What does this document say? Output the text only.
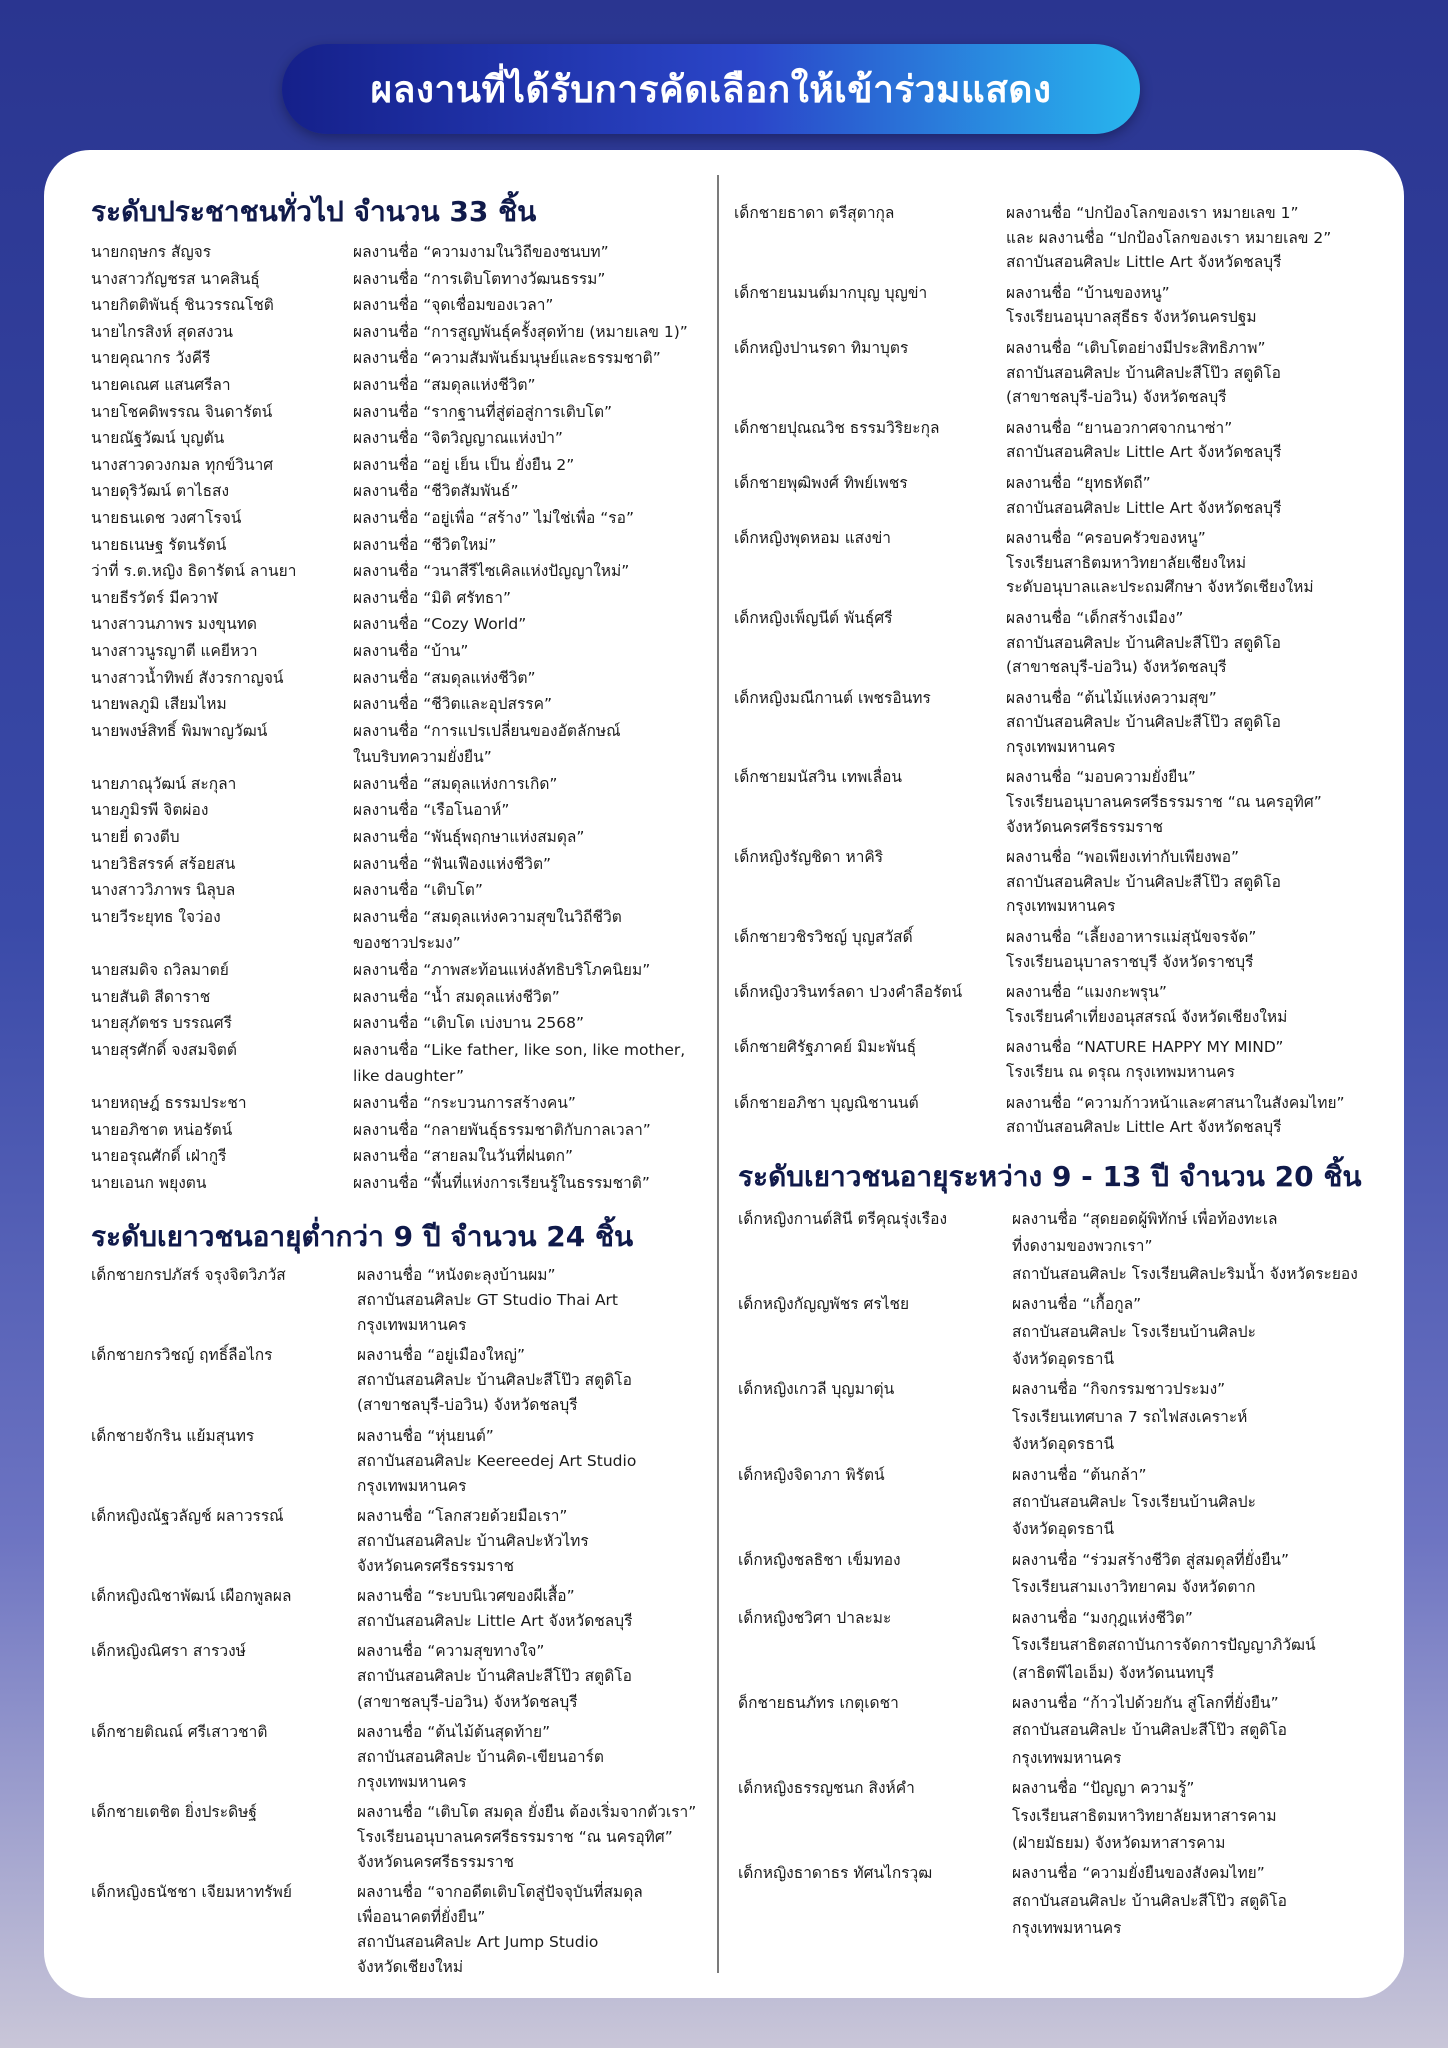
ผลงานที่ได้รับการคัดเลือกให้เข้าร่วมแสดง
ระดับประชาชนทั่วไป จำนวน 33 ชิ้น
นายกฤษกร สัญจร	ผลงานชื่อ “ความงามในวิถีของชนบท”
นางสาวกัญชรส นาคสินธุ์	ผลงานชื่อ “การเติบโตทางวัฒนธรรม”
นายกิตติพันธุ์ ชินวรรณโชติ	ผลงานชื่อ “จุดเชื่อมของเวลา”
นายไกรสิงห์ สุดสงวน	ผลงานชื่อ “การสูญพันธุ์ครั้งสุดท้าย (หมายเลข 1)”
นายคุณากร วังคีรี	ผลงานชื่อ “ความสัมพันธ์มนุษย์และธรรมชาติ”
นายคเณศ แสนศรีลา	ผลงานชื่อ “สมดุลแห่งชีวิต”
นายโชคดิพรรณ จินดารัตน์	ผลงานชื่อ “รากฐานที่สู่ต่อสู่การเติบโต”
นายณัฐวัฒน์ บุญตัน	ผลงานชื่อ “จิตวิญญาณแห่งป่า”
นางสาวดวงกมล ทุกข์วินาศ	ผลงานชื่อ “อยู่ เย็น เป็น ยั่งยืน 2”
นายดุริวัฒน์ ตาไธสง	ผลงานชื่อ “ชีวิตสัมพันธ์”
นายธนเดช วงศาโรจน์	ผลงานชื่อ “อยู่เพื่อ “สร้าง” ไม่ใช่เพื่อ “รอ”
นายธเนษฐ รัตนรัตน์	ผลงานชื่อ “ชีวิตใหม่”
ว่าที่ ร.ต.หญิง ธิดารัตน์ ลานยา	ผลงานชื่อ “วนาสีรีไซเคิลแห่งปัญญาใหม่”
นายธีรวัตร์ มีควาฬ	ผลงานชื่อ “มิติ ศรัทธา”
นางสาวนภาพร มงขุนทด	ผลงานชื่อ “Cozy World”
นางสาวนูรญาตี แคยีหวา	ผลงานชื่อ “บ้าน”
นางสาวน้ำทิพย์ สังวรกาญจน์	ผลงานชื่อ “สมดุลแห่งชีวิต”
นายพลภูมิ เสียมไหม	ผลงานชื่อ “ชีวิตและอุปสรรค”
นายพงษ์สิทธิ์ พิมพาญวัฒน์	ผลงานชื่อ “การแปรเปลี่ยนของอัตลักษณ์
ในบริบทความยั่งยืน”
นายภาณุวัฒน์ สะกุลา	ผลงานชื่อ “สมดุลแห่งการเกิด”
นายภูมิรพี จิตผ่อง	ผลงานชื่อ “เรือโนอาห์”
นายยี่ ดวงตีบ	ผลงานชื่อ “พันธุ์พฤกษาแห่งสมดุล”
นายวิธิสรรค์ สร้อยสน	ผลงานชื่อ “ฟันเฟืองแห่งชีวิต”
นางสาววิภาพร นิลุบล	ผลงานชื่อ “เติบโต”
นายวีระยุทธ ใจว่อง	ผลงานชื่อ “สมดุลแห่งความสุขในวิถีชีวิต
ของชาวประมง”
นายสมดิจ ถวิลมาตย์	ผลงานชื่อ “ภาพสะท้อนแห่งลัทธิบริโภคนิยม”
นายสันติ สีดาราช	ผลงานชื่อ “น้ำ สมดุลแห่งชีวิต”
นายสุภัตชร บรรณศรี	ผลงานชื่อ “เติบโต เบ่งบาน 2568”
นายสุรศักดิ์ จงสมจิตต์	ผลงานชื่อ “Like father, like son, like mother,
like daughter”
นายหฤษฎ์ ธรรมประชา	ผลงานชื่อ “กระบวนการสร้างคน”
นายอภิชาต หน่อรัตน์	ผลงานชื่อ “กลายพันธุ์ธรรมชาติกับกาลเวลา”
นายอรุณศักดิ์ เฝ่ากูรี	ผลงานชื่อ “สายลมในวันที่ฝนตก”
นายเอนก พยุงตน	ผลงานชื่อ “พื้นที่แห่งการเรียนรู้ในธรรมชาติ”
ระดับเยาวชนอายุต่ำกว่า 9 ปี จำนวน 24 ชิ้น
เด็กชายกรปภัสร์ จรุงจิตวิภวัส	ผลงานชื่อ “หนังตะลุงบ้านผม”
สถาบันสอนศิลปะ GT Studio Thai Art
กรุงเทพมหานคร
เด็กชายกรวิชญ์ ฤทธิ์ลือไกร	ผลงานชื่อ “อยู่เมืองใหญ่”
สถาบันสอนศิลปะ บ้านศิลปะสีโป๊ว สตูดิโอ
(สาขาชลบุรี-บ่อวิน) จังหวัดชลบุรี
เด็กชายจักริน แย้มสุนทร	ผลงานชื่อ “หุ่นยนต์”
สถาบันสอนศิลปะ Keereedej Art Studio
กรุงเทพมหานคร
เด็กหญิงณัฐวลัญช์ ผลาวรรณ์	ผลงานชื่อ “โลกสวยด้วยมือเรา”
สถาบันสอนศิลปะ บ้านศิลปะหัวไทร
จังหวัดนครศรีธรรมราช
เด็กหญิงณิชาพัฒน์ เผือกพูลผล	ผลงานชื่อ “ระบบนิเวศของผีเสื้อ”
สถาบันสอนศิลปะ Little Art จังหวัดชลบุรี
เด็กหญิงณิศรา สารวงษ์	ผลงานชื่อ “ความสุขทางใจ”
สถาบันสอนศิลปะ บ้านศิลปะสีโป๊ว สตูดิโอ
(สาขาชลบุรี-บ่อวิน) จังหวัดชลบุรี
เด็กชายติณณ์ ศรีเสาวชาติ	ผลงานชื่อ “ต้นไม้ต้นสุดท้าย”
สถาบันสอนศิลปะ บ้านคิด-เขียนอาร์ต
กรุงเทพมหานคร
เด็กชายเตชิต ยิ่งประดิษฐ์	ผลงานชื่อ “เติบโต สมดุล ยั่งยืน ต้องเริ่มจากตัวเรา”
โรงเรียนอนุบาลนครศรีธรรมราช “ณ นครอุทิศ”
จังหวัดนครศรีธรรมราช
เด็กหญิงธนัชชา เจียมหาทรัพย์	ผลงานชื่อ “จากอดีตเติบโตสู่ปัจจุบันที่สมดุล
เพื่ออนาคตที่ยั่งยืน”
สถาบันสอนศิลปะ Art Jump Studio
จังหวัดเชียงใหม่
เด็กชายธาดา ตรีสุตากุล	ผลงานชื่อ “ปกป้องโลกของเรา หมายเลข 1”
และ ผลงานชื่อ “ปกป้องโลกของเรา หมายเลข 2”
สถาบันสอนศิลปะ Little Art จังหวัดชลบุรี
เด็กชายนมนต์มากบุญ บุญข่า	ผลงานชื่อ “บ้านของหนู”
โรงเรียนอนุบาลสุธีธร จังหวัดนครปฐม
เด็กหญิงปานรดา ทิมาบุตร	ผลงานชื่อ “เติบโตอย่างมีประสิทธิภาพ”
สถาบันสอนศิลปะ บ้านศิลปะสีโป๊ว สตูดิโอ
(สาขาชลบุรี-บ่อวิน) จังหวัดชลบุรี
เด็กชายปุณณวิช ธรรมวิริยะกุล	ผลงานชื่อ “ยานอวกาศจากนาซ่า”
สถาบันสอนศิลปะ Little Art จังหวัดชลบุรี
เด็กชายพุฒิพงศ์ ทิพย์เพชร	ผลงานชื่อ “ยุทธหัตถี”
สถาบันสอนศิลปะ Little Art จังหวัดชลบุรี
เด็กหญิงพุดหอม แสงข่า	ผลงานชื่อ “ครอบครัวของหนู”
โรงเรียนสาธิตมหาวิทยาลัยเชียงใหม่
ระดับอนุบาลและประถมศึกษา จังหวัดเชียงใหม่
เด็กหญิงเพ็ญนีต์ พันธุ์ศรี	ผลงานชื่อ “เด็กสร้างเมือง”
สถาบันสอนศิลปะ บ้านศิลปะสีโป๊ว สตูดิโอ
(สาขาชลบุรี-บ่อวิน) จังหวัดชลบุรี
เด็กหญิงมณีกานต์ เพชรอินทร	ผลงานชื่อ “ต้นไม้แห่งความสุข”
สถาบันสอนศิลปะ บ้านศิลปะสีโป๊ว สตูดิโอ
กรุงเทพมหานคร
เด็กชายมนัสวิน เทพเลื่อน	ผลงานชื่อ “มอบความยั่งยืน”
โรงเรียนอนุบาลนครศรีธรรมราช “ณ นครอุทิศ”
จังหวัดนครศรีธรรมราช
เด็กหญิงรัญชิดา หาคิริ	ผลงานชื่อ “พอเพียงเท่ากับเพียงพอ”
สถาบันสอนศิลปะ บ้านศิลปะสีโป๊ว สตูดิโอ
กรุงเทพมหานคร
เด็กชายวชิรวิชญ์ บุญสวัสดิ์	ผลงานชื่อ “เลี้ยงอาหารแม่สุนัขจรจัด”
โรงเรียนอนุบาลราชบุรี จังหวัดราชบุรี
เด็กหญิงวรินทร์ลดา ปวงคำลือรัตน์	ผลงานชื่อ “แมงกะพรุน”
โรงเรียนคำเที่ยงอนุสสรณ์ จังหวัดเชียงใหม่
เด็กชายศิรัฐภาคย์ มิมะพันธุ์	ผลงานชื่อ “NATURE HAPPY MY MIND”
โรงเรียน ณ ดรุณ กรุงเทพมหานคร
เด็กชายอภิชา บุญณิชานนต์	ผลงานชื่อ “ความก้าวหน้าและศาสนาในสังคมไทย”
สถาบันสอนศิลปะ Little Art จังหวัดชลบุรี
ระดับเยาวชนอายุระหว่าง 9 - 13 ปี จำนวน 20 ชิ้น
เด็กหญิงกานต์สินี ตรีคุณรุ่งเรือง	ผลงานชื่อ “สุดยอดผู้พิทักษ์ เพื่อท้องทะเล
ที่งดงามของพวกเรา”
สถาบันสอนศิลปะ โรงเรียนศิลปะริมน้ำ จังหวัดระยอง
เด็กหญิงกัญญพัชร ศรไชย	ผลงานชื่อ “เกื้อกูล”
สถาบันสอนศิลปะ โรงเรียนบ้านศิลปะ
จังหวัดอุดรธานี
เด็กหญิงเกวลี บุญมาตุ่น	ผลงานชื่อ “กิจกรรมชาวประมง”
โรงเรียนเทศบาล 7 รถไฟสงเคราะห์
จังหวัดอุดรธานี
เด็กหญิงจิดาภา พิรัตน์	ผลงานชื่อ “ต้นกล้า”
สถาบันสอนศิลปะ โรงเรียนบ้านศิลปะ
จังหวัดอุดรธานี
เด็กหญิงชลธิชา เข็มทอง	ผลงานชื่อ “ร่วมสร้างชีวิต สู่สมดุลที่ยั่งยืน”
โรงเรียนสามเงาวิทยาคม จังหวัดตาก
เด็กหญิงชวิศา ปาละมะ	ผลงานชื่อ “มงกุฎแห่งชีวิต”
โรงเรียนสาธิตสถาบันการจัดการปัญญาภิวัฒน์
(สาธิตพีไอเอ็ม) จังหวัดนนทบุรี
ด็กชายธนภัทร เกตุเดชา	ผลงานชื่อ “ก้าวไปด้วยกัน สู่โลกที่ยั่งยืน”
สถาบันสอนศิลปะ บ้านศิลปะสีโป๊ว สตูดิโอ
กรุงเทพมหานคร
เด็กหญิงธรรญชนก สิงห์คำ	ผลงานชื่อ “ปัญญา ความรู้”
โรงเรียนสาธิตมหาวิทยาลัยมหาสารคาม
(ฝ่ายมัธยม) จังหวัดมหาสารคาม
เด็กหญิงธาดาธร ทัศนไกรวุฒ	ผลงานชื่อ “ความยั่งยืนของสังคมไทย”
สถาบันสอนศิลปะ บ้านศิลปะสีโป๊ว สตูดิโอ
กรุงเทพมหานคร
